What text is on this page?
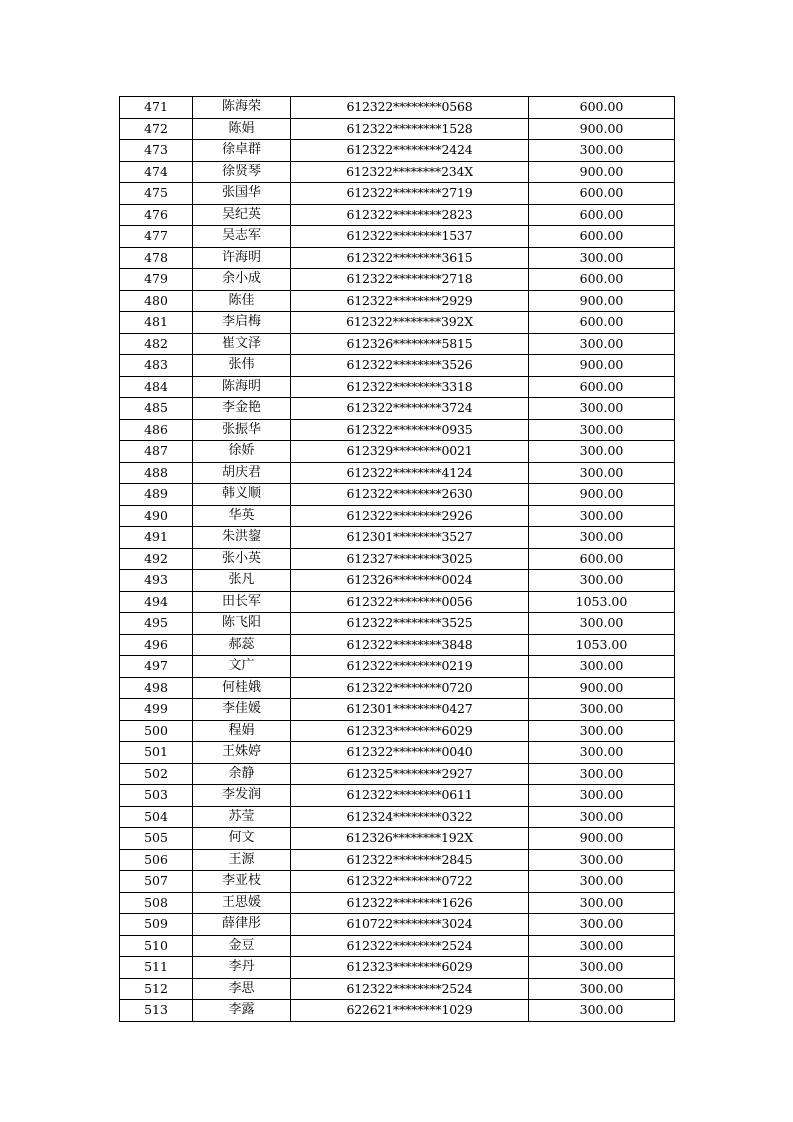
471	陈海荣	612322********0568	600.00
472	陈娟	612322********1528	900.00
473	徐卓群	612322********2424	300.00
474	徐贤琴	612322********234X	900.00
475	张国华	612322********2719	600.00
476	吴纪英	612322********2823	600.00
477	吴志军	612322********1537	600.00
478	许海明	612322********3615	300.00
479	余小成	612322********2718	600.00
480	陈佳	612322********2929	900.00
481	李启梅	612322********392X	600.00
482	崔文泽	612326********5815	300.00
483	张伟	612322********3526	900.00
484	陈海明	612322********3318	600.00
485	李金艳	612322********3724	300.00
486	张振华	612322********0935	300.00
487	徐娇	612329********0021	300.00
488	胡庆君	612322********4124	300.00
489	韩义顺	612322********2630	900.00
490	华英	612322********2926	300.00
491	朱洪鋆	612301********3527	300.00
492	张小英	612327********3025	600.00
493	张凡	612326********0024	300.00
494	田长军	612322********0056	1053.00
495	陈飞阳	612322********3525	300.00
496	郝蕊	612322********3848	1053.00
497	文广	612322********0219	300.00
498	何桂娥	612322********0720	900.00
499	李佳媛	612301********0427	300.00
500	程娟	612323********6029	300.00
501	王姝婷	612322********0040	300.00
502	余静	612325********2927	300.00
503	李发润	612322********0611	300.00
504	苏莹	612324********0322	300.00
505	何文	612326********192X	900.00
506	王源	612322********2845	300.00
507	李亚枝	612322********0722	300.00
508	王思媛	612322********1626	300.00
509	薛律彤	610722********3024	300.00
510	金豆	612322********2524	300.00
511	李丹	612323********6029	300.00
512	李思	612322********2524	300.00
513	李露	622621********1029	300.00
